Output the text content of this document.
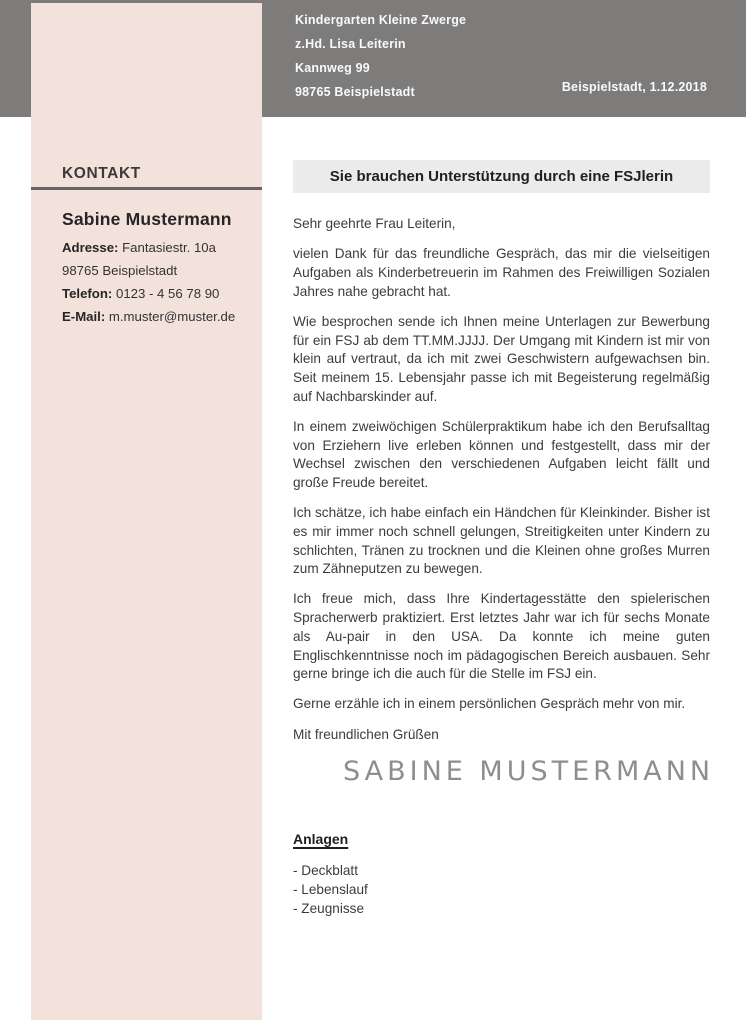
Kindergarten Kleine Zwerge
z.Hd. Lisa Leiterin
Kannweg 99
98765 Beispielstadt	Beispielstadt, 1.12.2018
KONTAKT
Sabine Mustermann
Adresse: Fantasiestr. 10a
98765 Beispielstadt
Telefon: 0123 - 4 56 78 90
E-Mail: m.muster@muster.de
Sie brauchen Unterstützung durch eine FSJlerin

Sehr geehrte Frau Leiterin,

vielen Dank für das freundliche Gespräch, das mir die vielseitigen Aufgaben als Kinderbetreuerin im Rahmen des Freiwilligen Sozialen Jahres nahe gebracht hat.

Wie besprochen sende ich Ihnen meine Unterlagen zur Bewerbung für ein FSJ ab dem TT.MM.JJJJ. Der Umgang mit Kindern ist mir von klein auf vertraut, da ich mit zwei Geschwistern aufgewachsen bin. Seit meinem 15. Lebensjahr passe ich mit Begeisterung regelmäßig auf Nachbarskinder auf.

In einem zweiwöchigen Schülerpraktikum habe ich den Berufsalltag von Erziehern live erleben können und festgestellt, dass mir der Wechsel zwischen den verschiedenen Aufgaben leicht fällt und große Freude bereitet.

Ich schätze, ich habe einfach ein Händchen für Kleinkinder. Bisher ist es mir immer noch schnell gelungen, Streitigkeiten unter Kindern zu schlichten, Tränen zu trocknen und die Kleinen ohne großes Murren zum Zähneputzen zu bewegen.

Ich freue mich, dass Ihre Kindertagesstätte den spielerischen Spracherwerb praktiziert. Erst letztes Jahr war ich für sechs Monate als Au-pair in den USA. Da konnte ich meine guten Englischkenntnisse noch im pädagogischen Bereich ausbauen. Sehr gerne bringe ich die auch für die Stelle im FSJ ein.

Gerne erzähle ich in einem persönlichen Gespräch mehr von mir.

Mit freundlichen Grüßen

SABINE MUSTERMANN
Anlagen
- Deckblatt
- Lebenslauf
- Zeugnisse
